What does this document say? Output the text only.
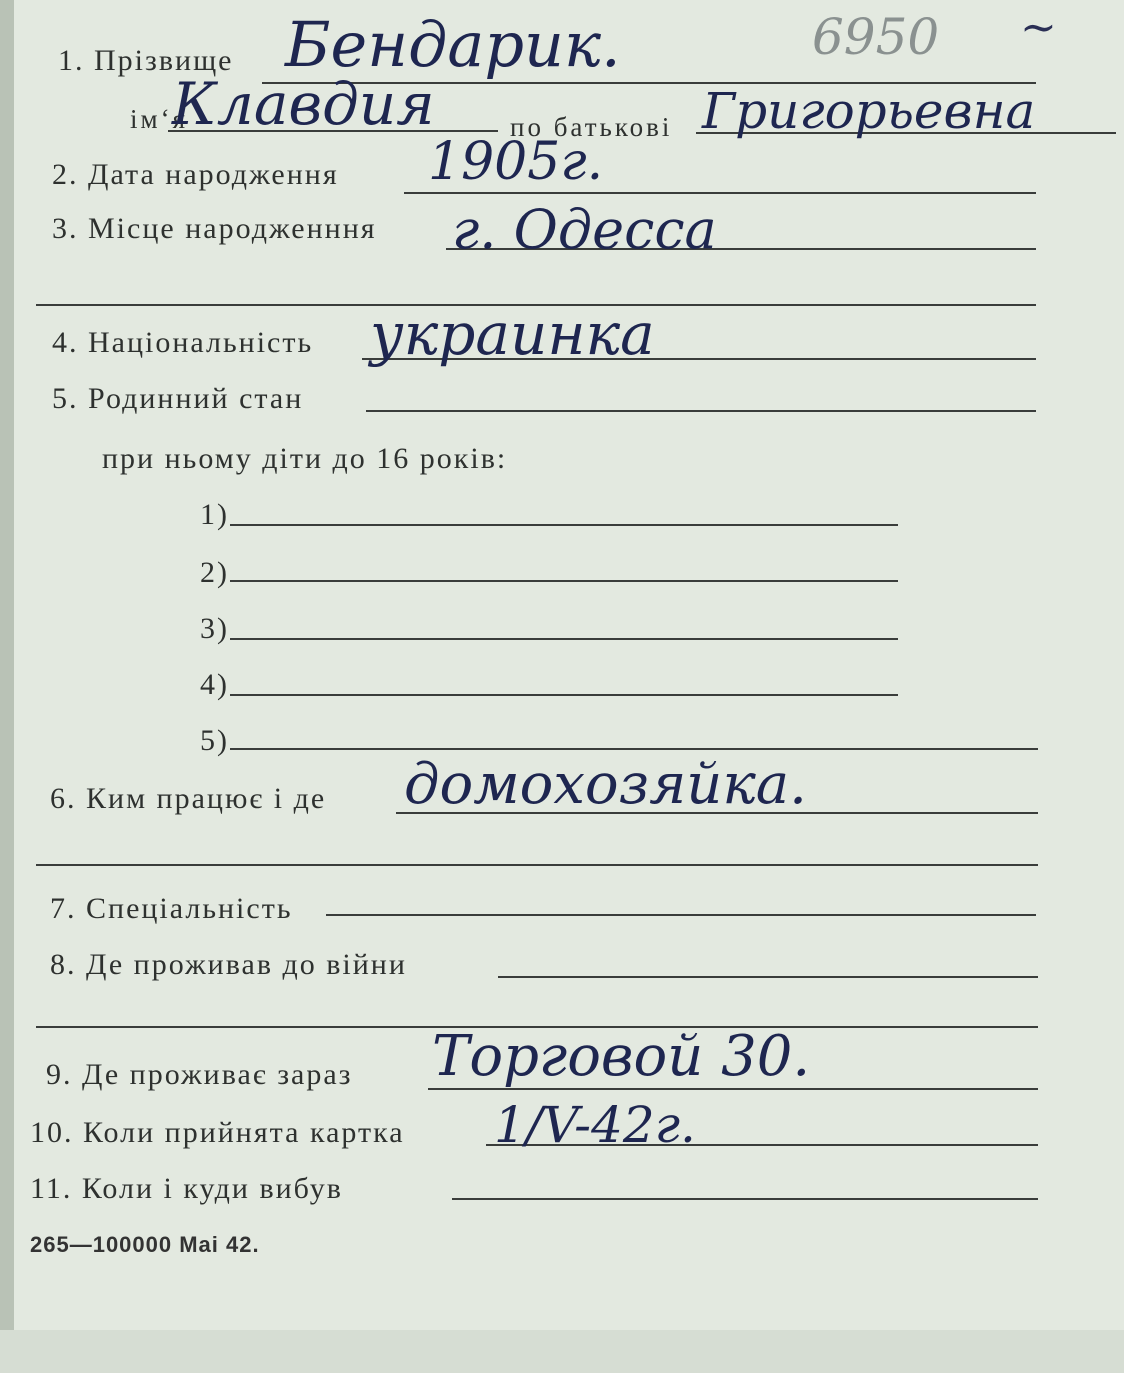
6950 ~
1. Прізвище Бендарик.
ім‘я
Клавдия	по батькові Григорьевна
2. Дата народження 1905г.
3. Місце народженння г. Одесса
4. Національність украинка
5. Родинний стан
при ньому діти до 16 років:
1)
2)
3)
4)
5)
6. Ким працює і де домохозяйка.
7. Спеціальність
8. Де проживав до війни
9. Де проживає зараз Торговой 30.
10. Коли прийнята картка 1/V-42г.
11. Коли і куди вибув
265—100000 Mai 42.
